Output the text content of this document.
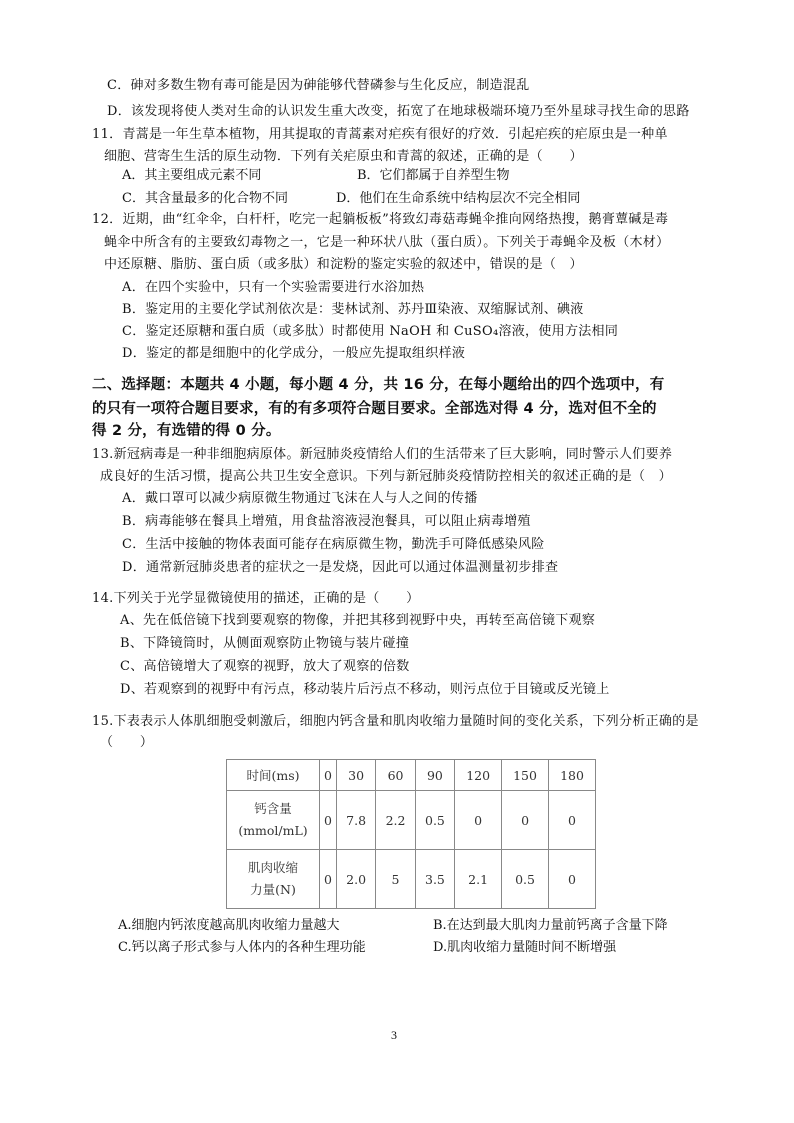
C．砷对多数生物有毒可能是因为砷能够代替磷参与生化反应，制造混乱
D．该发现将使人类对生命的认识发生重大改变，拓宽了在地球极端环境乃至外星球寻找生命的思路
11．青蒿是一年生草本植物，用其提取的青蒿素对疟疾有很好的疗效．引起疟疾的疟原虫是一种单
细胞、营寄生生活的原生动物．下列有关疟原虫和青蒿的叙述，正确的是（　　）
A．其主要组成元素不同	B．它们都属于自养型生物
C．其含量最多的化合物不同	D．他们在生命系统中结构层次不完全相同
12．近期，曲“红伞伞，白杆杆，吃完一起躺板板”将致幻毒菇毒蝇伞推向网络热搜，鹅膏蕈碱是毒
蝇伞中所含有的主要致幻毒物之一，它是一种环状八肽（蛋白质）。下列关于毒蝇伞及板（木材）
中还原糖、脂肪、蛋白质（或多肽）和淀粉的鉴定实验的叙述中，错误的是（　）
A．在四个实验中，只有一个实验需要进行水浴加热
B．鉴定用的主要化学试剂依次是：斐林试剂、苏丹Ⅲ染液、双缩脲试剂、碘液
C．鉴定还原糖和蛋白质（或多肽）时都使用 NaOH 和 CuSO₄溶液，使用方法相同
D．鉴定的都是细胞中的化学成分，一般应先提取组织样液
二、选择题：本题共 4 小题，每小题 4 分，共 16 分，在每小题给出的四个选项中，有
的只有一项符合题目要求，有的有多项符合题目要求。全部选对得 4 分，选对但不全的
得 2 分，有选错的得 0 分。
13.新冠病毒是一种非细胞病原体。新冠肺炎疫情给人们的生活带来了巨大影响，同时警示人们要养
成良好的生活习惯，提高公共卫生安全意识。下列与新冠肺炎疫情防控相关的叙述正确的是（　）
A．戴口罩可以减少病原微生物通过飞沫在人与人之间的传播
B．病毒能够在餐具上增殖，用食盐溶液浸泡餐具，可以阻止病毒增殖
C．生活中接触的物体表面可能存在病原微生物，勤洗手可降低感染风险
D．通常新冠肺炎患者的症状之一是发烧，因此可以通过体温测量初步排查
14.下列关于光学显微镜使用的描述，正确的是（　　）
A、先在低倍镜下找到要观察的物像，并把其移到视野中央，再转至高倍镜下观察
B、下降镜筒时，从侧面观察防止物镜与装片碰撞
C、高倍镜增大了观察的视野，放大了观察的倍数
D、若观察到的视野中有污点，移动装片后污点不移动，则污点位于目镜或反光镜上
15.下表表示人体肌细胞受刺激后，细胞内钙含量和肌肉收缩力量随时间的变化关系，下列分析正确的是
（　　）
时间(ms)	0	30	60	90	120	150	180

钙含量
(mmol/mL)	0	7.8	2.2	0.5	0	0	0

肌肉收缩
力量(N)	0	2.0	5	3.5	2.1	0.5	0
A.细胞内钙浓度越高肌肉收缩力量越大	B.在达到最大肌肉力量前钙离子含量下降
C.钙以离子形式参与人体内的各种生理功能	D.肌肉收缩力量随时间不断增强
3
